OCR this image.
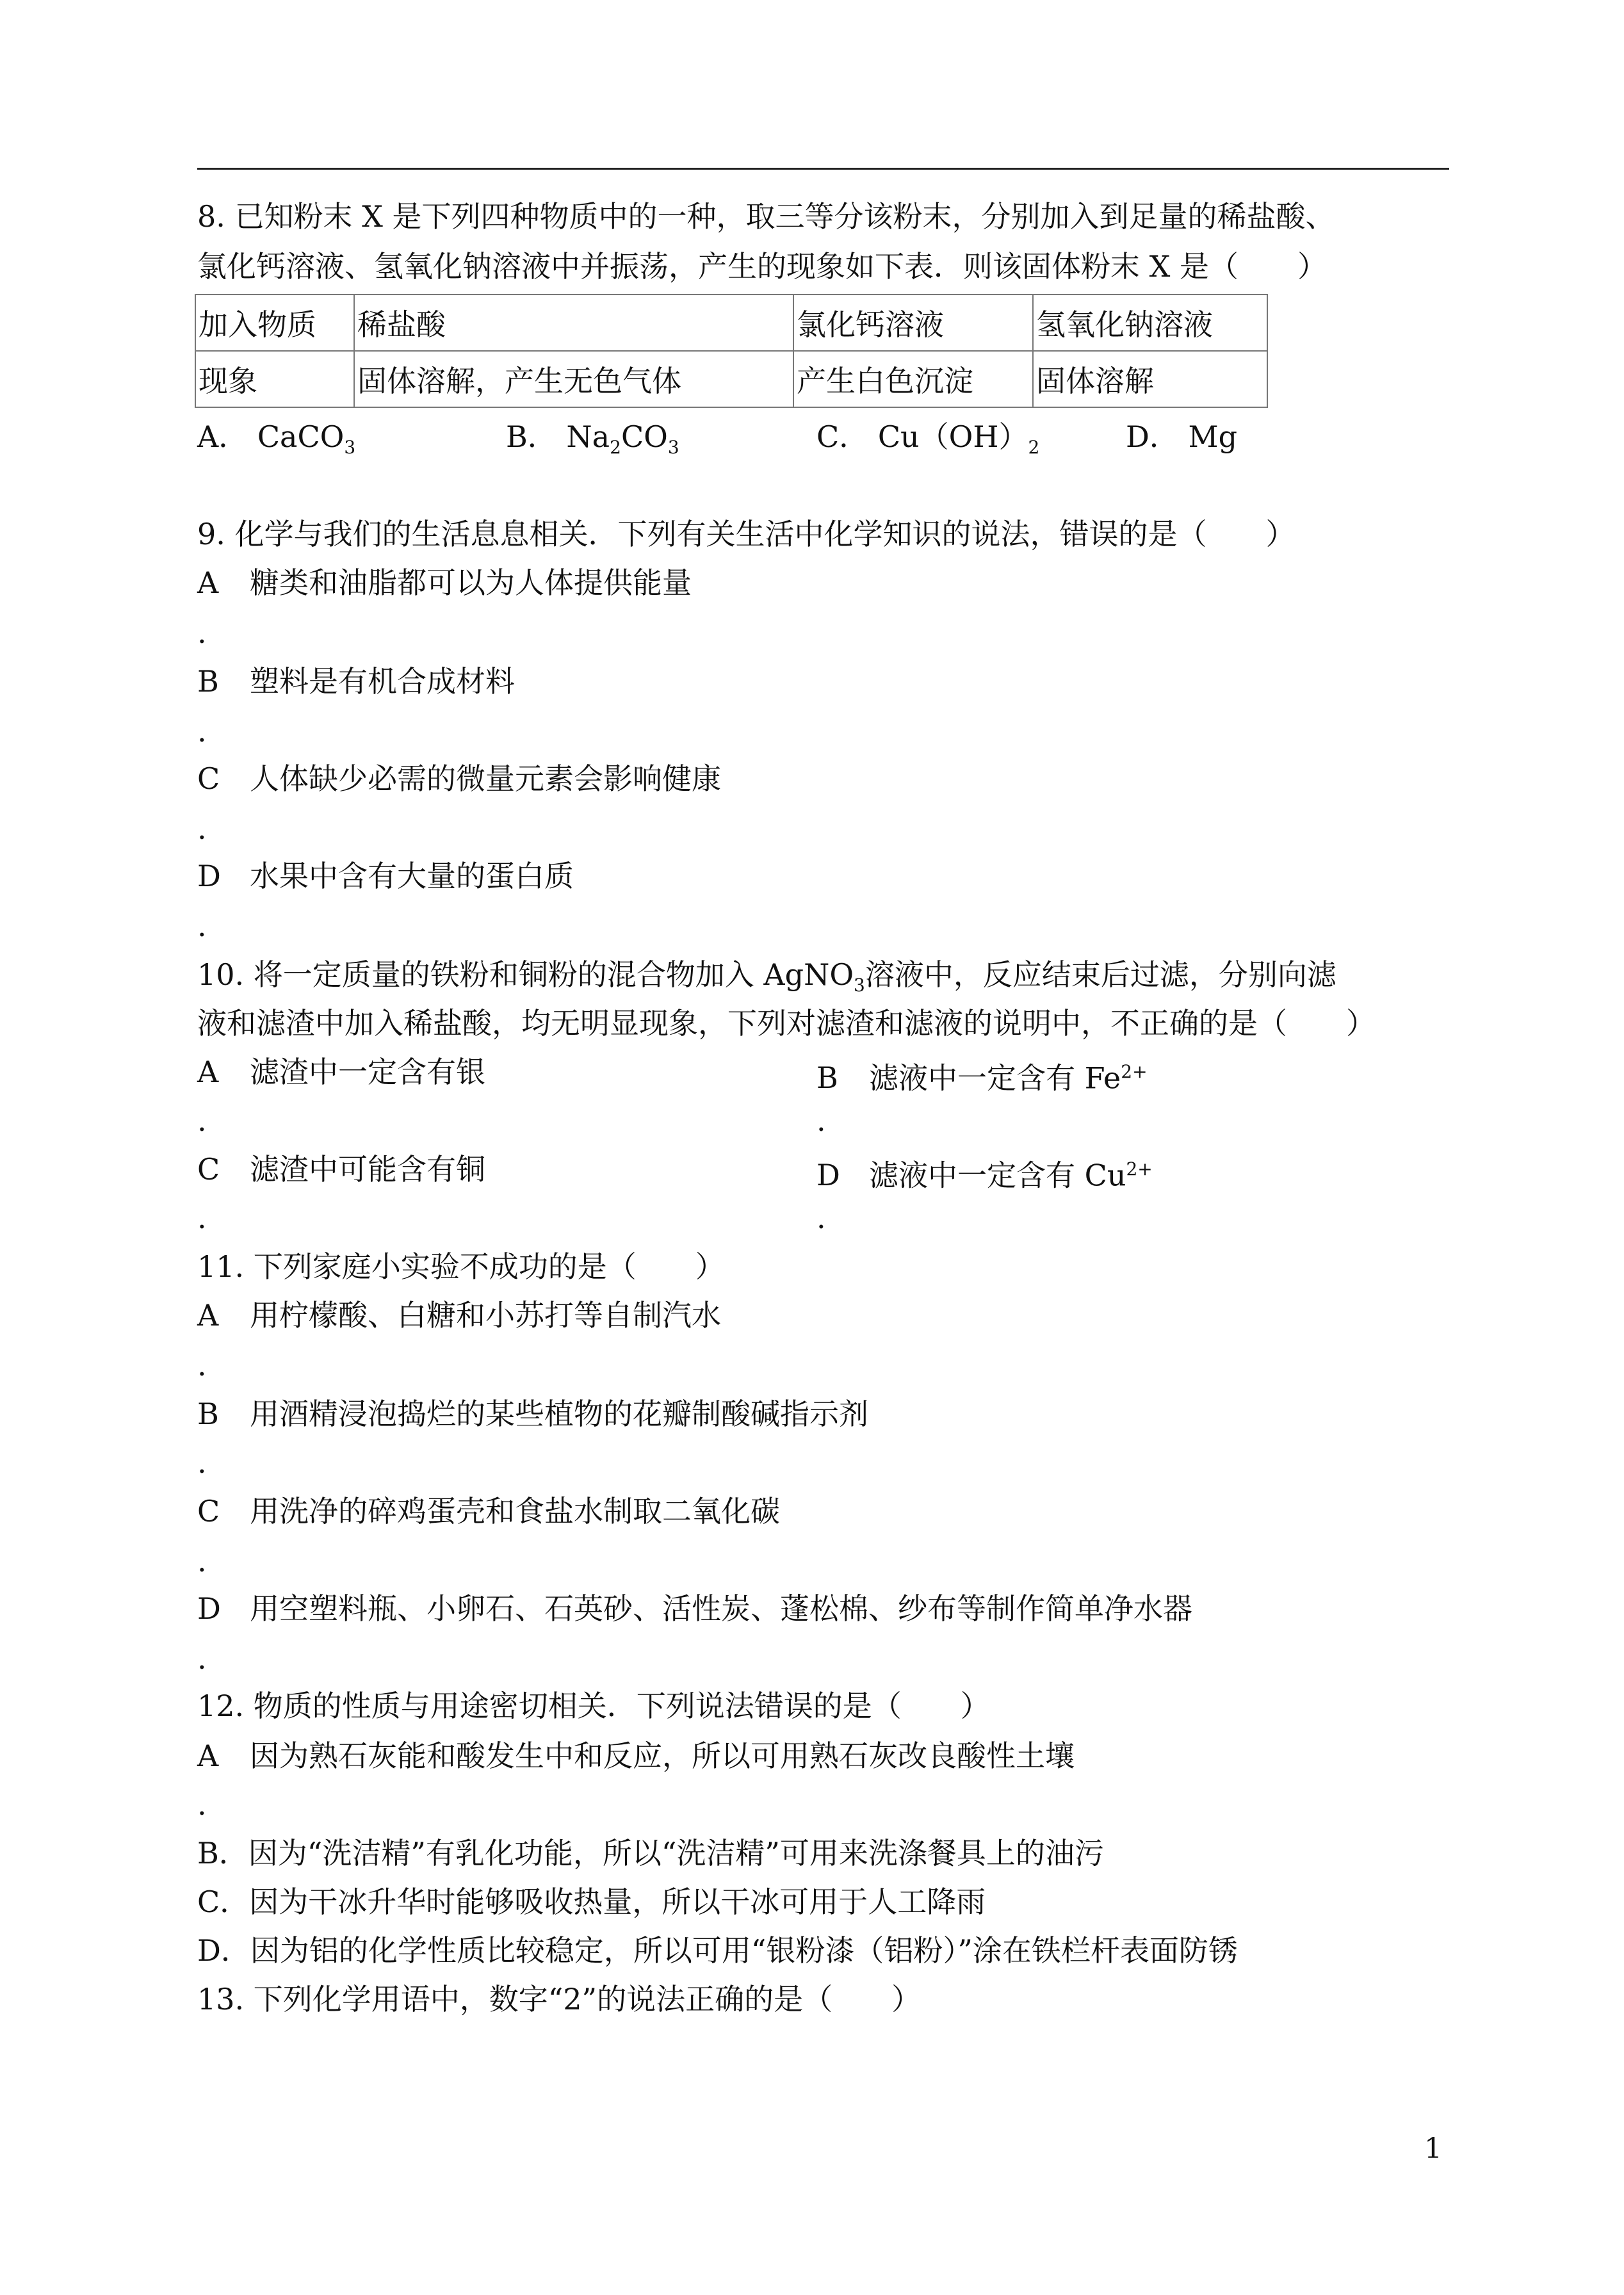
8. 已知粉末 X 是下列四种物质中的一种，取三等分该粉末，分别加入到足量的稀盐酸、
氯化钙溶液、氢氧化钠溶液中并振荡，产生的现象如下表．则该固体粉末 X 是（　　）
加入物质	稀盐酸	氯化钙溶液	氢氧化钠溶液
现象	固体溶解，产生无色气体	产生白色沉淀	固体溶解
A． CaCO$_3$	B． $Na_2CO_3$	C． $Cu(OH)_2$	D． Mg
9. 化学与我们的生活息息相关．下列有关生活中化学知识的说法，错误的是（　　）
A 糖类和油脂都可以为人体提供能量
.
B 塑料是有机合成材料
.
C 人体缺少必需的微量元素会影响健康
.
D 水果中含有大量的蛋白质
.
10. 将一定质量的铁粉和铜粉的混合物加入 AgNO$_3$溶液中，反应结束后过滤，分别向滤
液和滤渣中加入稀盐酸，均无明显现象，下列对滤渣和滤液的说明中，不正确的是（　　）
A 滤渣中一定含有银	B 滤液中一定含有 $Fe^{2+}$
.	.
C 滤渣中可能含有铜	D 滤液中一定含有 $Cu^{2+}$
.	.
11. 下列家庭小实验不成功的是（　　）
A 用柠檬酸、白糖和小苏打等自制汽水
.
B 用酒精浸泡捣烂的某些植物的花瓣制酸碱指示剂
.
C 用洗净的碎鸡蛋壳和食盐水制取二氧化碳
.
D 用空塑料瓶、小卵石、石英砂、活性炭、蓬松棉、纱布等制作简单净水器
.
12. 物质的性质与用途密切相关．下列说法错误的是（　　）
A 因为熟石灰能和酸发生中和反应，所以可用熟石灰改良酸性土壤
.
B．因为“洗洁精”有乳化功能，所以“洗洁精”可用来洗涤餐具上的油污
C．因为干冰升华时能够吸收热量，所以干冰可用于人工降雨
D．因为铝的化学性质比较稳定，所以可用“银粉漆（铝粉）”涂在铁栏杆表面防锈
13. 下列化学用语中，数字“2”的说法正确的是（　　）
1
